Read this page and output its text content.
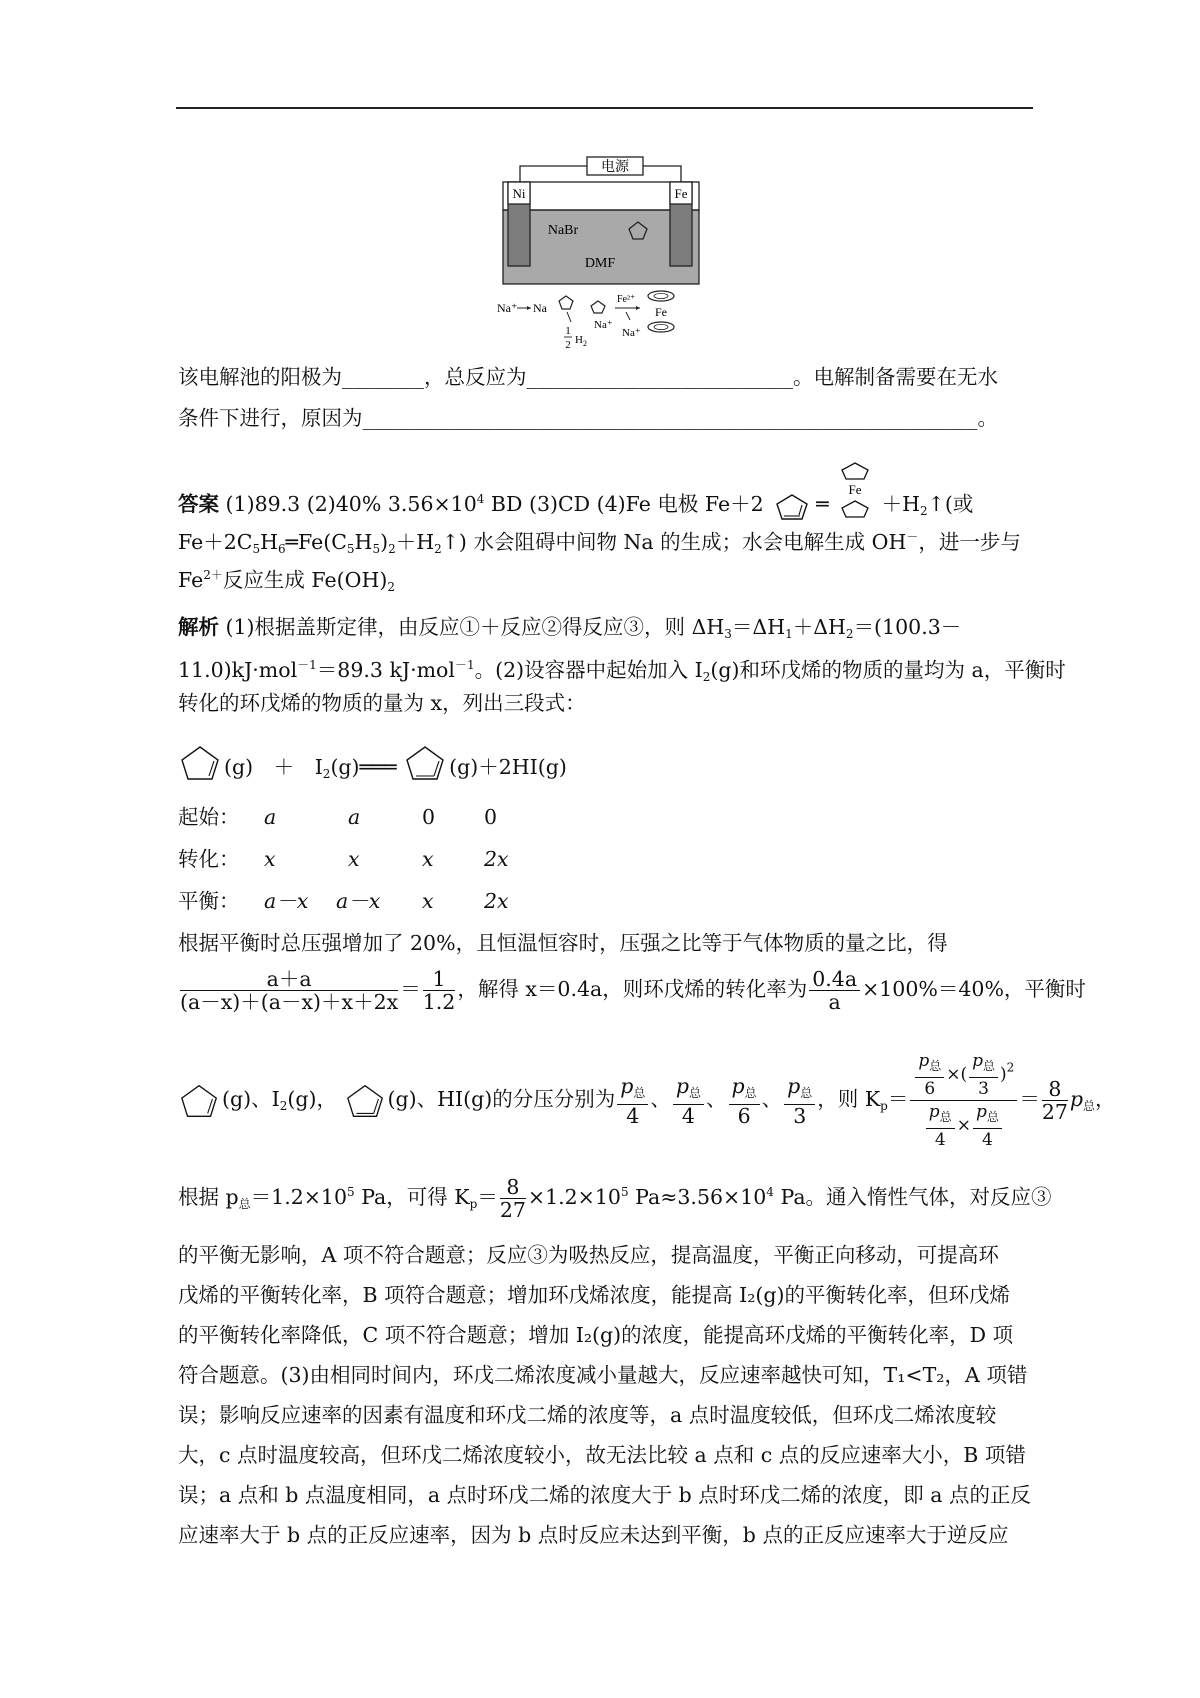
电源
Ni	Fe
NaBr
DMF
Na⁺ Na
1
2 $H_2$
Na⁺
Fe²⁺
Na⁺
Fe
该电解池的阳极为________，总反应为__________________________。电解制备需要在无水
条件下进行，原因为____________________________________________________________。
答案 (1)89.3 (2)40% $3.56\times 10^4$ BD (3)CD (4)Fe 电极 Fe＋2	═
Fe
$+H_2↑$(或
$Fe+2C_5H_6═Fe(C_5H_5)_2+H_2↑$) 水会阻碍中间物 Na 的生成；水会电解生成 OH－，进一步与
$Fe^{2+}$反应生成 $Fe(OH)_2$
解析 (1)根据盖斯定律，由反应①＋反应②得反应③，则 $\Delta H_3=\Delta H_1+\Delta H_2=(100.3-$
11.0)kJ·mol$^{-1}$＝89.3 kJ·mol$^{-1}$。(2)设容器中起始加入 $I_2(g)$和环戊烯的物质的量均为 a，平衡时
转化的环戊烯的物质的量为 x，列出三段式：
$(g) + I_2(g)═══$	(g)＋2HI(g)
起始： a	a	0 0
转化： x	x	x 2x
平衡： a－x a－x x 2x
根据平衡时总压强增加了 20%，且恒温恒容时，压强之比等于气体物质的量之比，得
$\frac{a+a}{(a-x)+(a-x)+x+2x} = \frac{1}{1.2}$ ，解得 x＝0.4a，则环戊烯的转化率为 $\frac{0.4a}{a} \times 100\%=40\%$，平衡时
(g)、$I_2(g)$， (g)、HI(g)的分压分别为 $\frac{p_总}{4}$ 、 $\frac{p_总}{4}$ 、 $\frac{p_总}{6}$ 、 $\frac{p_总}{3}$ ，则 $K_p= \frac{\frac{p_总}{6} \times( \frac{p_总}{3} )^2}{\frac{p_总}{4} \times \frac{p_总}{4}} = \frac{8}{27} p_总$，
根据 $p_总=1.2\times 10^5$ Pa，可得 $K_p= \frac{8}{27} \times 1.2\times 10^5$ $Pa\approx 3.56\times 10^4$ Pa。通入惰性气体，对反应③
的平衡无影响，A 项不符合题意；反应③为吸热反应，提高温度，平衡正向移动，可提高环
戊烯的平衡转化率，B 项符合题意；增加环戊烯浓度，能提高 I₂(g)的平衡转化率，但环戊烯
的平衡转化率降低，C 项不符合题意；增加 I₂(g)的浓度，能提高环戊烯的平衡转化率，D 项
符合题意。(3)由相同时间内，环戊二烯浓度减小量越大，反应速率越快可知，T₁<T₂，A 项错
误；影响反应速率的因素有温度和环戊二烯的浓度等，a 点时温度较低，但环戊二烯浓度较
大，c 点时温度较高，但环戊二烯浓度较小，故无法比较 a 点和 c 点的反应速率大小，B 项错
误；a 点和 b 点温度相同，a 点时环戊二烯的浓度大于 b 点时环戊二烯的浓度，即 a 点的正反
应速率大于 b 点的正反应速率，因为 b 点时反应未达到平衡，b 点的正反应速率大于逆反应
